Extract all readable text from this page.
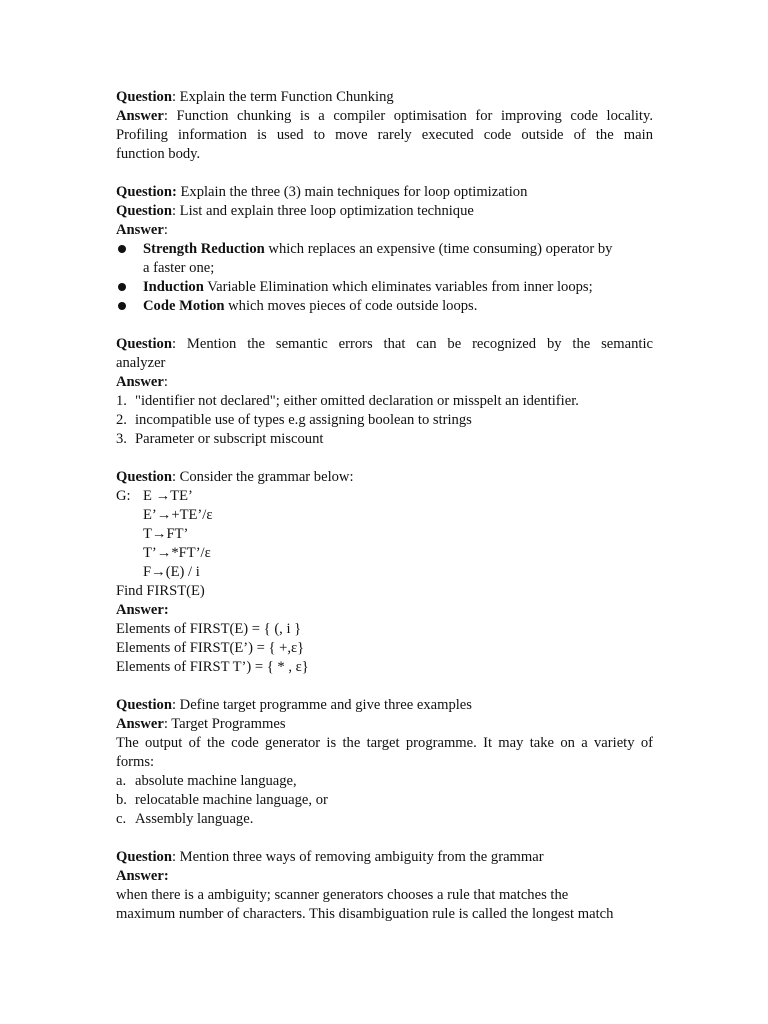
Question: Explain the term Function Chunking
Answer: Function chunking is a compiler optimisation for improving code locality.
Profiling information is used to move rarely executed code outside of the main
function body.
Question: Explain the three (3) main techniques for loop optimization
Question: List and explain three loop optimization technique
Answer:
Strength Reduction which replaces an expensive (time consuming) operator by
a faster one;
Induction Variable Elimination which eliminates variables from inner loops;
Code Motion which moves pieces of code outside loops.
Question: Mention the semantic errors that can be recognized by the semantic
analyzer
Answer:
1. "identifier not declared"; either omitted declaration or misspelt an identifier.
2. incompatible use of types e.g assigning boolean to strings
3. Parameter or subscript miscount
Question: Consider the grammar below:
G: E →TE’
E’→+TE’/ε
T→FT’
T’→*FT’/ε
F→(E) / i
Find FIRST(E)
Answer:
Elements of FIRST(E) = { (, i }
Elements of FIRST(E’) = { +,ε}
Elements of FIRST T’) = { * , ε}
Question: Define target programme and give three examples
Answer: Target Programmes
The output of the code generator is the target programme. It may take on a variety of
forms:
a. absolute machine language,
b. relocatable machine language, or
c. Assembly language.
Question: Mention three ways of removing ambiguity from the grammar
Answer:
when there is a ambiguity; scanner generators chooses a rule that matches the
maximum number of characters. This disambiguation rule is called the longest match
